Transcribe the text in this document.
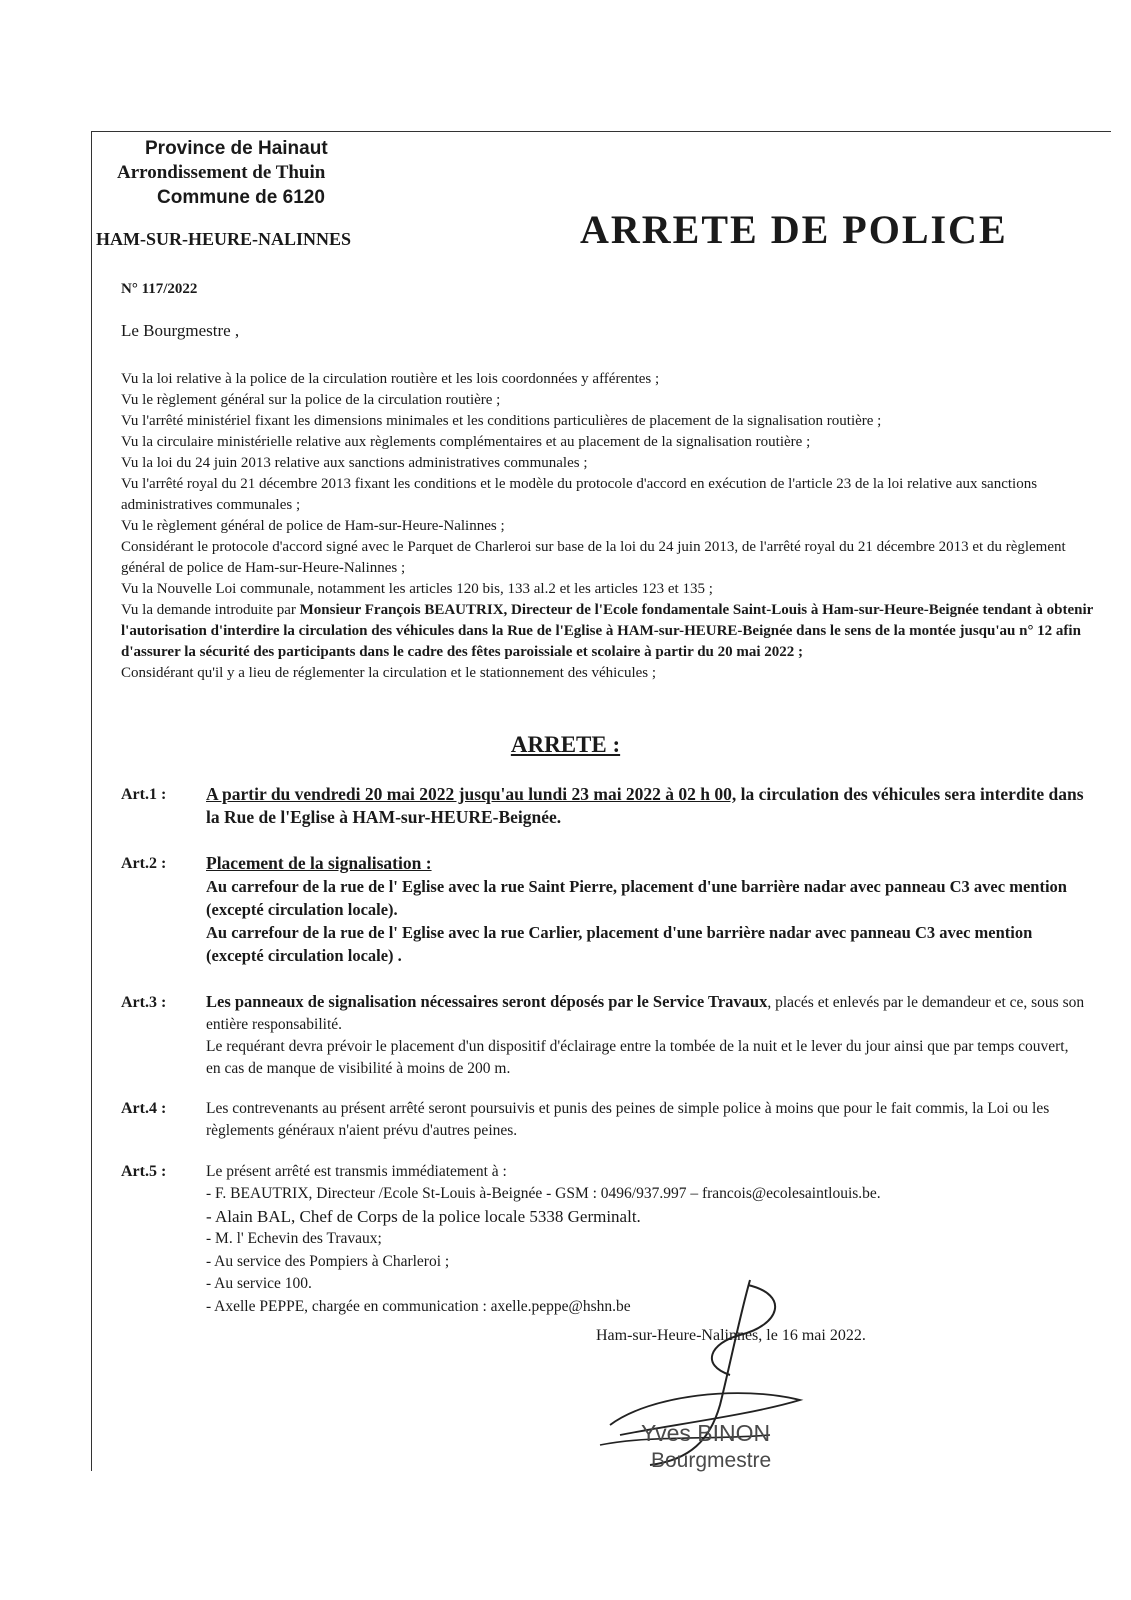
Province de Hainaut
Arrondissement de Thuin
Commune de 6120
HAM-SUR-HEURE-NALINNES	ARRETE DE POLICE
N° 117/2022
Le Bourgmestre ,

Vu la loi relative à la police de la circulation routière et les lois coordonnées y afférentes ;

Vu le règlement général sur la police de la circulation routière ;

Vu l'arrêté ministériel fixant les dimensions minimales et les conditions particulières de placement de la signalisation routière ;

Vu la circulaire ministérielle relative aux règlements complémentaires et au placement de la signalisation routière ;

Vu la loi du 24 juin 2013 relative aux sanctions administratives communales ;

Vu l'arrêté royal du 21 décembre 2013 fixant les conditions et le modèle du protocole d'accord en exécution de l'article 23 de la loi relative aux sanctions administratives communales ;

Vu le règlement général de police de Ham-sur-Heure-Nalinnes ;

Considérant le protocole d'accord signé avec le Parquet de Charleroi sur base de la loi du 24 juin 2013, de l'arrêté royal du 21 décembre 2013 et du règlement général de police de Ham-sur-Heure-Nalinnes ;

Vu la Nouvelle Loi communale, notamment les articles 120 bis, 133 al.2 et les articles 123 et 135 ;

Vu la demande introduite par Monsieur François BEAUTRIX, Directeur de l'Ecole fondamentale Saint-Louis à Ham-sur-Heure-Beignée tendant à obtenir l'autorisation d'interdire la circulation des véhicules dans la Rue de l'Eglise à HAM-sur-HEURE-Beignée dans le sens de la montée jusqu'au n° 12 afin d'assurer la sécurité des participants dans le cadre des fêtes paroissiale et scolaire à partir du 20 mai 2022 ;

Considérant qu'il y a lieu de réglementer la circulation et le stationnement des véhicules ;

ARRETE :
Art.1 : A partir du vendredi 20 mai 2022 jusqu'au lundi 23 mai 2022 à 02 h 00, la circulation des véhicules sera interdite dans la Rue de l'Eglise à HAM-sur-HEURE-Beignée.

Art.2 : Placement de la signalisation :

Au carrefour de la rue de l' Eglise avec la rue Saint Pierre, placement d'une barrière nadar avec panneau C3 avec mention (excepté circulation locale).

Au carrefour de la rue de l' Eglise avec la rue Carlier, placement d'une barrière nadar avec panneau C3 avec mention (excepté circulation locale) .

Art.3 : Les panneaux de signalisation nécessaires seront déposés par le Service Travaux, placés et enlevés par le demandeur et ce, sous son entière responsabilité.

Le requérant devra prévoir le placement d'un dispositif d'éclairage entre la tombée de la nuit et le lever du jour ainsi que par temps couvert, en cas de manque de visibilité à moins de 200 m.

Art.4 :	Les contrevenants au présent arrêté seront poursuivis et punis des peines de simple police à moins que pour le fait commis, la Loi ou les règlements généraux n'aient prévu d'autres peines.

Art.5 :	Le présent arrêté est transmis immédiatement à :

- F. BEAUTRIX, Directeur /Ecole St-Louis à-Beignée - GSM : 0496/937.997 – francois@ecolesaintlouis.be.
- Alain BAL, Chef de Corps de la police locale 5338 Germinalt.
- M. l' Echevin des Travaux;
- Au service des Pompiers à Charleroi ;
- Au service 100.
- Axelle PEPPE, chargée en communication : axelle.peppe@hshn.be
Ham-sur-Heure-Nalinnes, le 16 mai 2022.
Yves BINON
Bourgmestre
